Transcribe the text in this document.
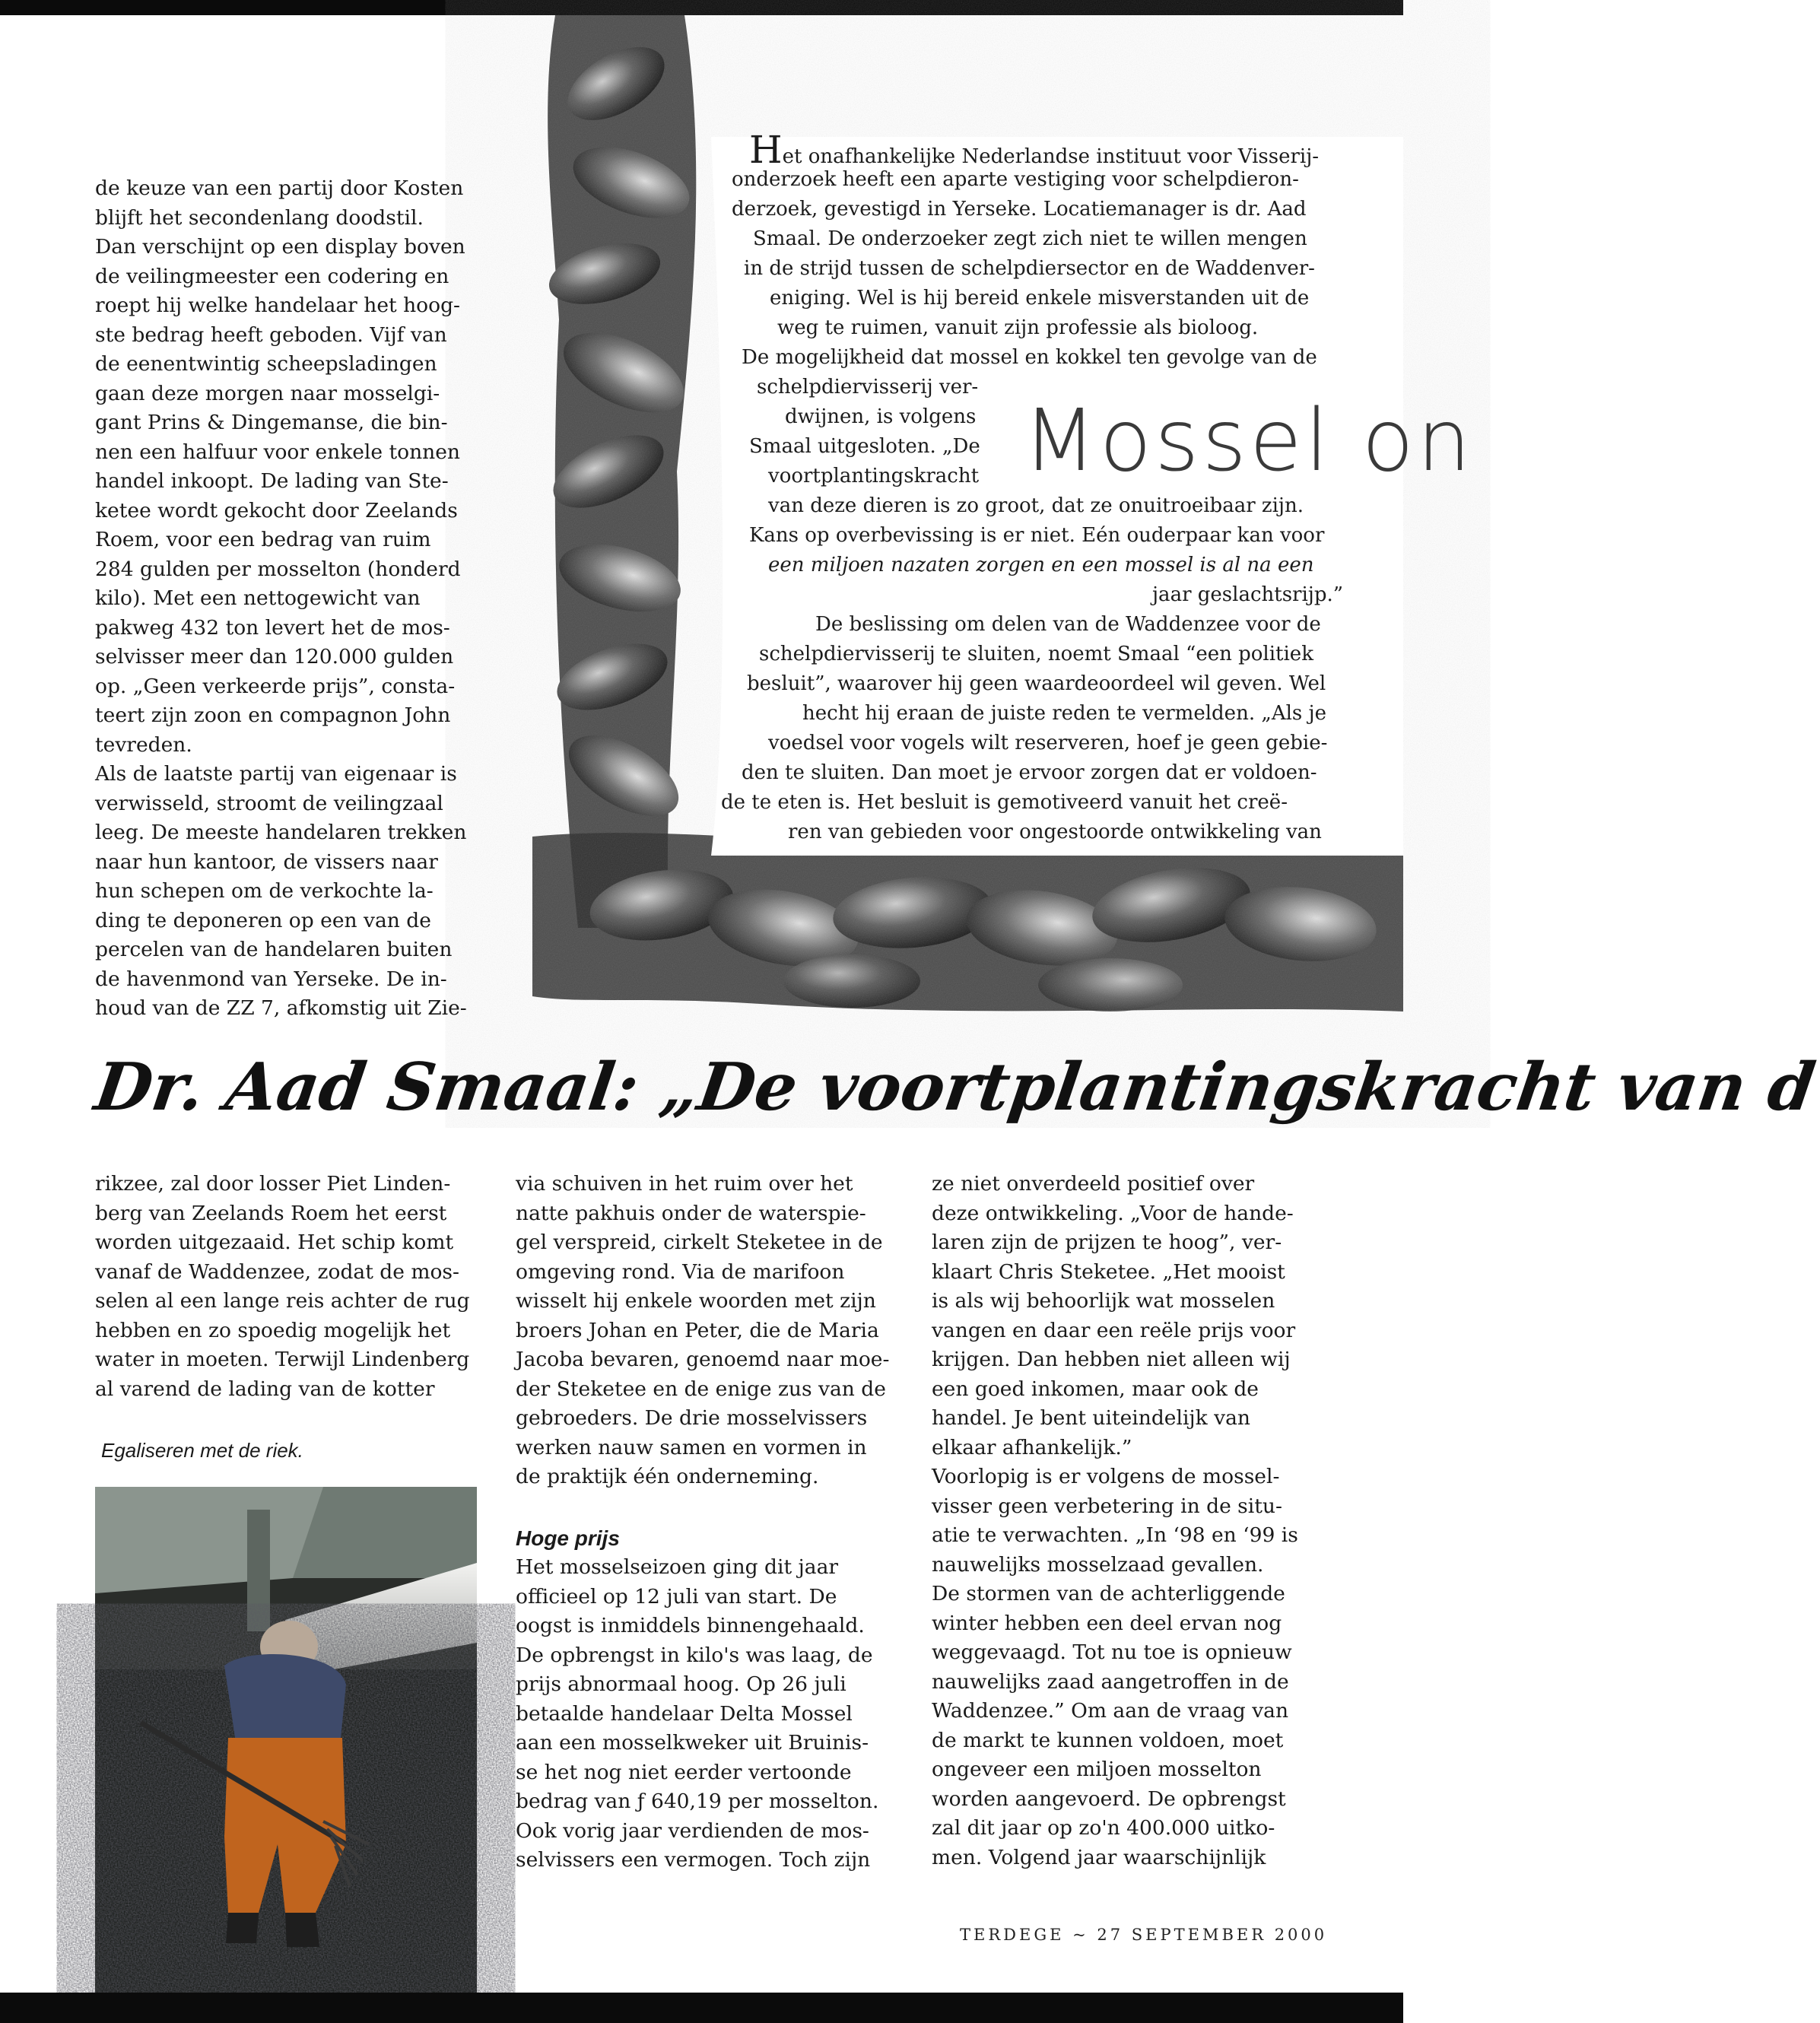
de keuze van een partij door Kosten

blijft het secondenlang doodstil.

Dan verschijnt op een display boven

de veilingmeester een codering en

roept hij welke handelaar het hoog-

ste bedrag heeft geboden. Vijf van

de eenentwintig scheepsladingen

gaan deze morgen naar mosselgi-

gant Prins & Dingemanse, die bin-

nen een halfuur voor enkele tonnen

handel inkoopt. De lading van Ste-

ketee wordt gekocht door Zeelands

Roem, voor een bedrag van ruim

284 gulden per mosselton (honderd

kilo). Met een nettogewicht van

pakweg 432 ton levert het de mos-

selvisser meer dan 120.000 gulden

op. „Geen verkeerde prijs”, consta-

teert zijn zoon en compagnon John

tevreden.

Als de laatste partij van eigenaar is

verwisseld, stroomt de veilingzaal

leeg. De meeste handelaren trekken

naar hun kantoor, de vissers naar

hun schepen om de verkochte la-

ding te deponeren op een van de

percelen van de handelaren buiten

de havenmond van Yerseke. De in-

houd van de ZZ 7, afkomstig uit Zie-

Het onafhankelijke Nederlandse instituut voor Visserij-
onderzoek heeft een aparte vestiging voor schelpdieron-
derzoek, gevestigd in Yerseke. Locatiemanager is dr. Aad
Smaal. De onderzoeker zegt zich niet te willen mengen
in de strijd tussen de schelpdiersector en de Waddenver-
eniging. Wel is hij bereid enkele misverstanden uit de
weg te ruimen, vanuit zijn professie als bioloog.
De mogelijkheid dat mossel en kokkel ten gevolge van de
schelpdiervisserij ver-
dwijnen, is volgens
Smaal uitgesloten. „De
voortplantingskracht
van deze dieren is zo groot, dat ze onuitroeibaar zijn.
Kans op overbevissing is er niet. Eén ouderpaar kan voor
een miljoen nazaten zorgen en een mossel is al na een
jaar geslachtsrijp.”
De beslissing om delen van de Waddenzee voor de
schelpdiervisserij te sluiten, noemt Smaal “een politiek
besluit”, waarover hij geen waardeoordeel wil geven. Wel
hecht hij eraan de juiste reden te vermelden. „Als je
voedsel voor vogels wilt reserveren, hoef je geen gebie-
den te sluiten. Dan moet je ervoor zorgen dat er voldoen-
de te eten is. Het besluit is gemotiveerd vanuit het creë-
ren van gebieden voor ongestoorde ontwikkeling van
Mossel on
Dr. Aad Smaal: „De voortplantingskracht van d

rikzee, zal door losser Piet Linden-

berg van Zeelands Roem het eerst

worden uitgezaaid. Het schip komt

vanaf de Waddenzee, zodat de mos-

selen al een lange reis achter de rug

hebben en zo spoedig mogelijk het

water in moeten. Terwijl Lindenberg

al varend de lading van de kotter

Egaliseren met de riek.

via schuiven in het ruim over het

natte pakhuis onder de waterspie-

gel verspreid, cirkelt Steketee in de

omgeving rond. Via de marifoon

wisselt hij enkele woorden met zijn

broers Johan en Peter, die de Maria

Jacoba bevaren, genoemd naar moe-

der Steketee en de enige zus van de

gebroeders. De drie mosselvissers

werken nauw samen en vormen in

de praktijk één onderneming.

Hoge prijs

Het mosselseizoen ging dit jaar

officieel op 12 juli van start. De

oogst is inmiddels binnengehaald.

De opbrengst in kilo's was laag, de

prijs abnormaal hoog. Op 26 juli

betaalde handelaar Delta Mossel

aan een mosselkweker uit Bruinis-

se het nog niet eerder vertoonde

bedrag van ƒ 640,19 per mosselton.

Ook vorig jaar verdienden de mos-

selvissers een vermogen. Toch zijn

ze niet onverdeeld positief over

deze ontwikkeling. „Voor de hande-

laren zijn de prijzen te hoog”, ver-

klaart Chris Steketee. „Het mooist

is als wij behoorlijk wat mosselen

vangen en daar een reële prijs voor

krijgen. Dan hebben niet alleen wij

een goed inkomen, maar ook de

handel. Je bent uiteindelijk van

elkaar afhankelijk.”

Voorlopig is er volgens de mossel-

visser geen verbetering in de situ-

atie te verwachten. „In ‘98 en ‘99 is

nauwelijks mosselzaad gevallen.

De stormen van de achterliggende

winter hebben een deel ervan nog

weggevaagd. Tot nu toe is opnieuw

nauwelijks zaad aangetroffen in de

Waddenzee.” Om aan de vraag van

de markt te kunnen voldoen, moet

ongeveer een miljoen mosselton

worden aangevoerd. De opbrengst

zal dit jaar op zo'n 400.000 uitko-

men. Volgend jaar waarschijnlijk

TERDEGE ~ 27 SEPTEMBER 2000
